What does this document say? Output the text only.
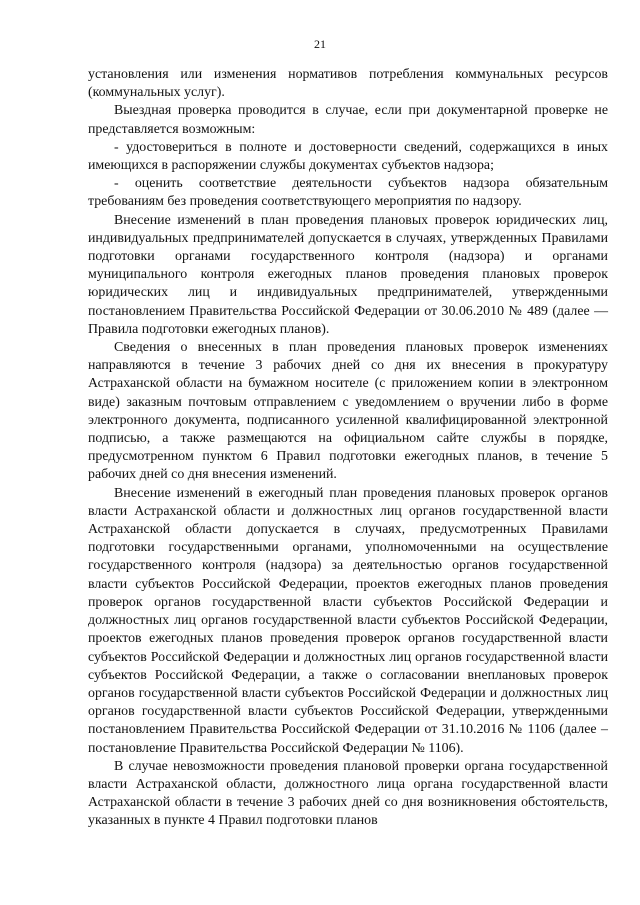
21

установления или изменения нормативов потребления коммунальных ресурсов (коммунальных услуг).

Выездная проверка проводится в случае, если при документарной проверке не представляется возможным:

- удостовериться в полноте и достоверности сведений, содержащихся в иных имеющихся в распоряжении службы документах субъектов надзора;

- оценить соответствие деятельности субъектов надзора обязательным требованиям без проведения соответствующего мероприятия по надзору.

Внесение изменений в план проведения плановых проверок юридических лиц, индивидуальных предпринимателей допускается в случаях, утвержденных Правилами подготовки органами государственного контроля (надзора) и органами муниципального контроля ежегодных планов проведения плановых проверок юридических лиц и индивидуальных предпринимателей, утвержденными постановлением Правительства Российской Федерации от 30.06.2010 № 489 (далее — Правила подготовки ежегодных планов).

Сведения о внесенных в план проведения плановых проверок изменениях направляются в течение 3 рабочих дней со дня их внесения в прокуратуру Астраханской области на бумажном носителе (с приложением копии в электронном виде) заказным почтовым отправлением с уведомлением о вручении либо в форме электронного документа, подписанного усиленной квалифицированной электронной подписью, а также размещаются на официальном сайте службы в порядке, предусмотренном пунктом 6 Правил подготовки ежегодных планов, в течение 5 рабочих дней со дня внесения изменений.

Внесение изменений в ежегодный план проведения плановых проверок органов власти Астраханской области и должностных лиц органов государственной власти Астраханской области допускается в случаях, предусмотренных Правилами подготовки государственными органами, уполномоченными на осуществление государственного контроля (надзора) за деятельностью органов государственной власти субъектов Российской Федерации, проектов ежегодных планов проведения проверок органов государственной власти субъектов Российской Федерации и должностных лиц органов государственной власти субъектов Российской Федерации, проектов ежегодных планов проведения проверок органов государственной власти субъектов Российской Федерации и должностных лиц органов государственной власти субъектов Российской Федерации, а также о согласовании внеплановых проверок органов государственной власти субъектов Российской Федерации и должностных лиц органов государственной власти субъектов Российской Федерации, утвержденными постановлением Правительства Российской Федерации от 31.10.2016 № 1106 (далее – постановление Правительства Российской Федерации № 1106).

В случае невозможности проведения плановой проверки органа государственной власти Астраханской области, должностного лица органа государственной власти Астраханской области в течение 3 рабочих дней со дня возникновения обстоятельств, указанных в пункте 4 Правил подготовки планов
